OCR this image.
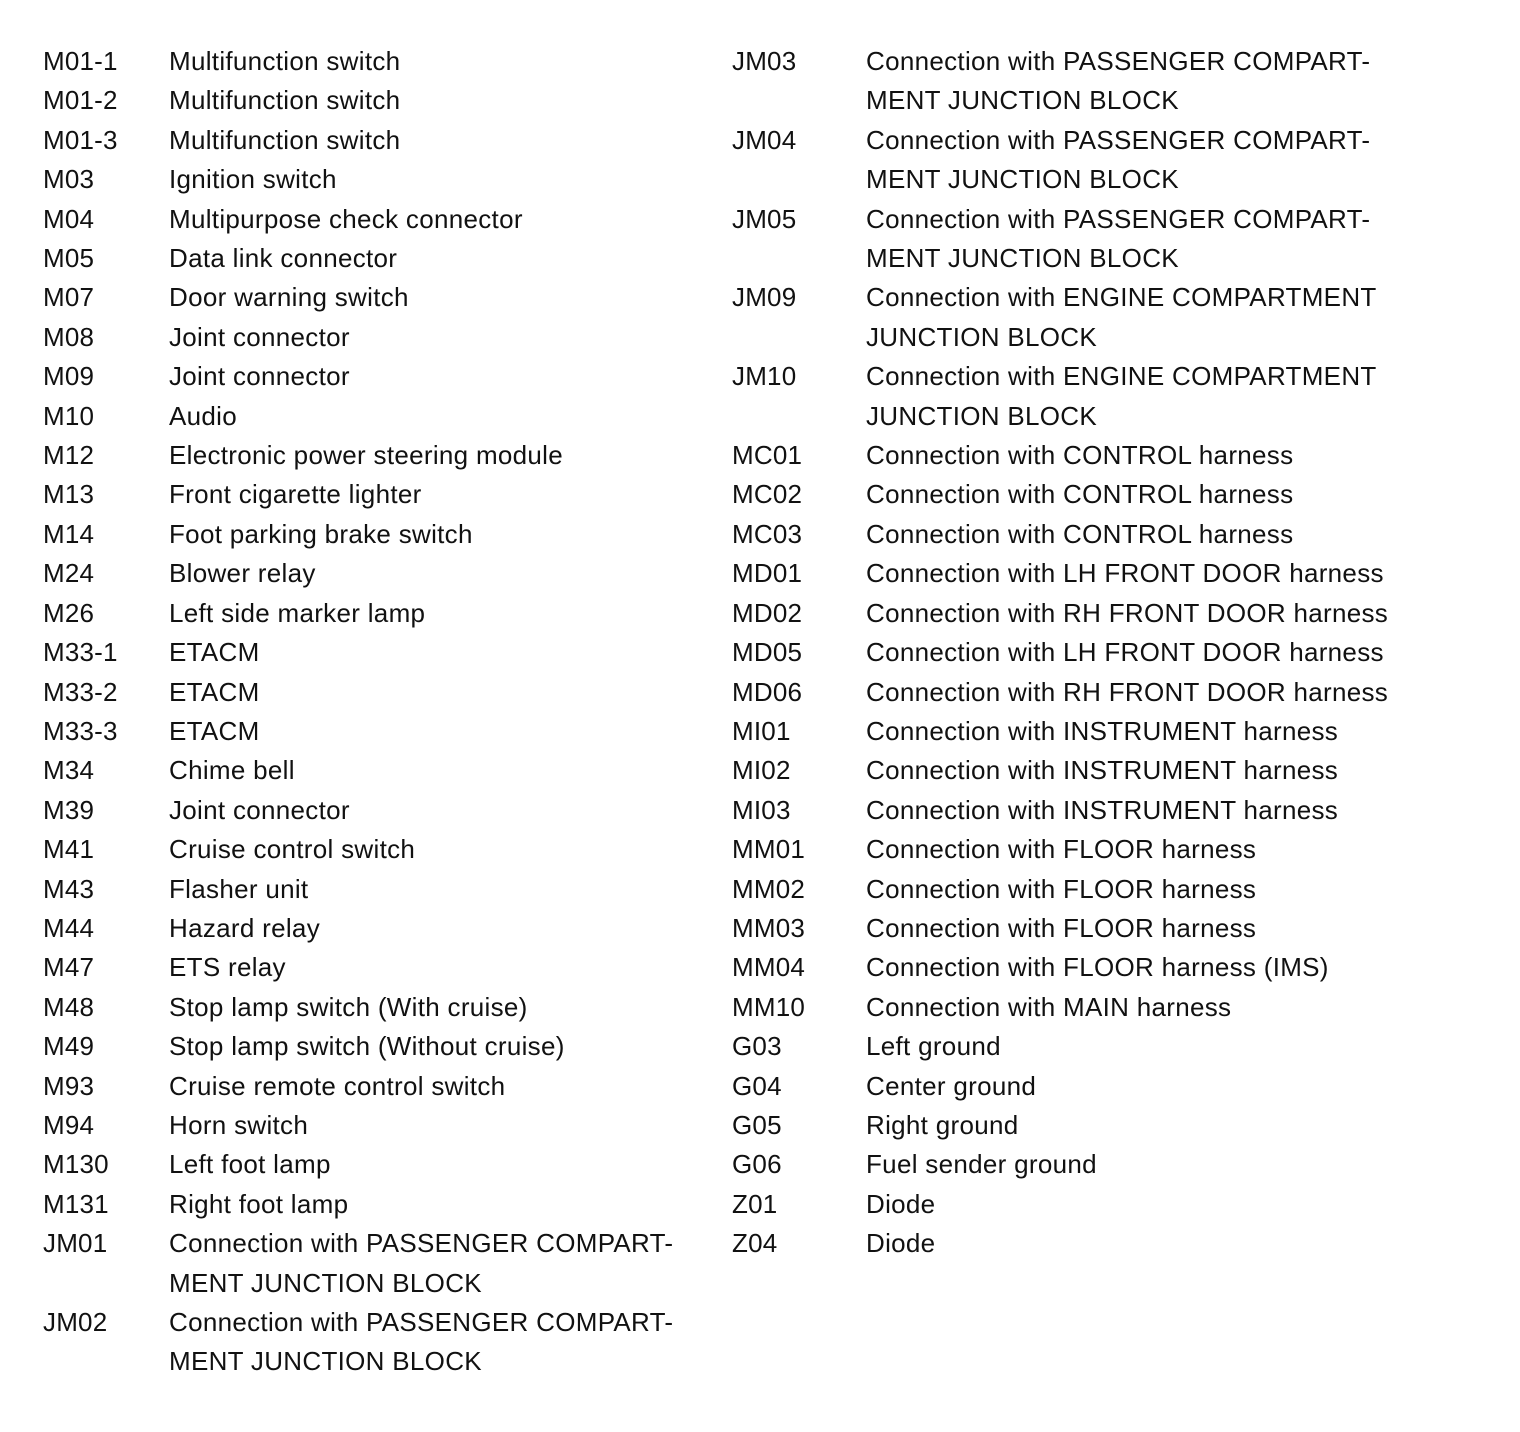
M01-1	Multifunction switch
M01-2	Multifunction switch
M01-3	Multifunction switch
M03	Ignition switch
M04	Multipurpose check connector
M05	Data link connector
M07	Door warning switch
M08	Joint connector
M09	Joint connector
M10	Audio
M12	Electronic power steering module
M13	Front cigarette lighter
M14	Foot parking brake switch
M24	Blower relay
M26	Left side marker lamp
M33-1	ETACM
M33-2	ETACM
M33-3	ETACM
M34	Chime bell
M39	Joint connector
M41	Cruise control switch
M43	Flasher unit
M44	Hazard relay
M47	ETS relay
M48	Stop lamp switch (With cruise)
M49	Stop lamp switch (Without cruise)
M93	Cruise remote control switch
M94	Horn switch
M130	Left foot lamp
M131	Right foot lamp
JM01	Connection with PASSENGER COMPART-
MENT JUNCTION BLOCK
JM02	Connection with PASSENGER COMPART-
MENT JUNCTION BLOCK
JM03	Connection with PASSENGER COMPART-
MENT JUNCTION BLOCK
JM04	Connection with PASSENGER COMPART-
MENT JUNCTION BLOCK
JM05	Connection with PASSENGER COMPART-
MENT JUNCTION BLOCK
JM09	Connection with ENGINE COMPARTMENT
JUNCTION BLOCK
JM10	Connection with ENGINE COMPARTMENT
JUNCTION BLOCK
MC01	Connection with CONTROL harness
MC02	Connection with CONTROL harness
MC03	Connection with CONTROL harness
MD01	Connection with LH FRONT DOOR harness
MD02	Connection with RH FRONT DOOR harness
MD05	Connection with LH FRONT DOOR harness
MD06	Connection with RH FRONT DOOR harness
MI01	Connection with INSTRUMENT harness
MI02	Connection with INSTRUMENT harness
MI03	Connection with INSTRUMENT harness
MM01	Connection with FLOOR harness
MM02	Connection with FLOOR harness
MM03	Connection with FLOOR harness
MM04	Connection with FLOOR harness (IMS)
MM10	Connection with MAIN harness
G03	Left ground
G04	Center ground
G05	Right ground
G06	Fuel sender ground
Z01	Diode
Z04	Diode
